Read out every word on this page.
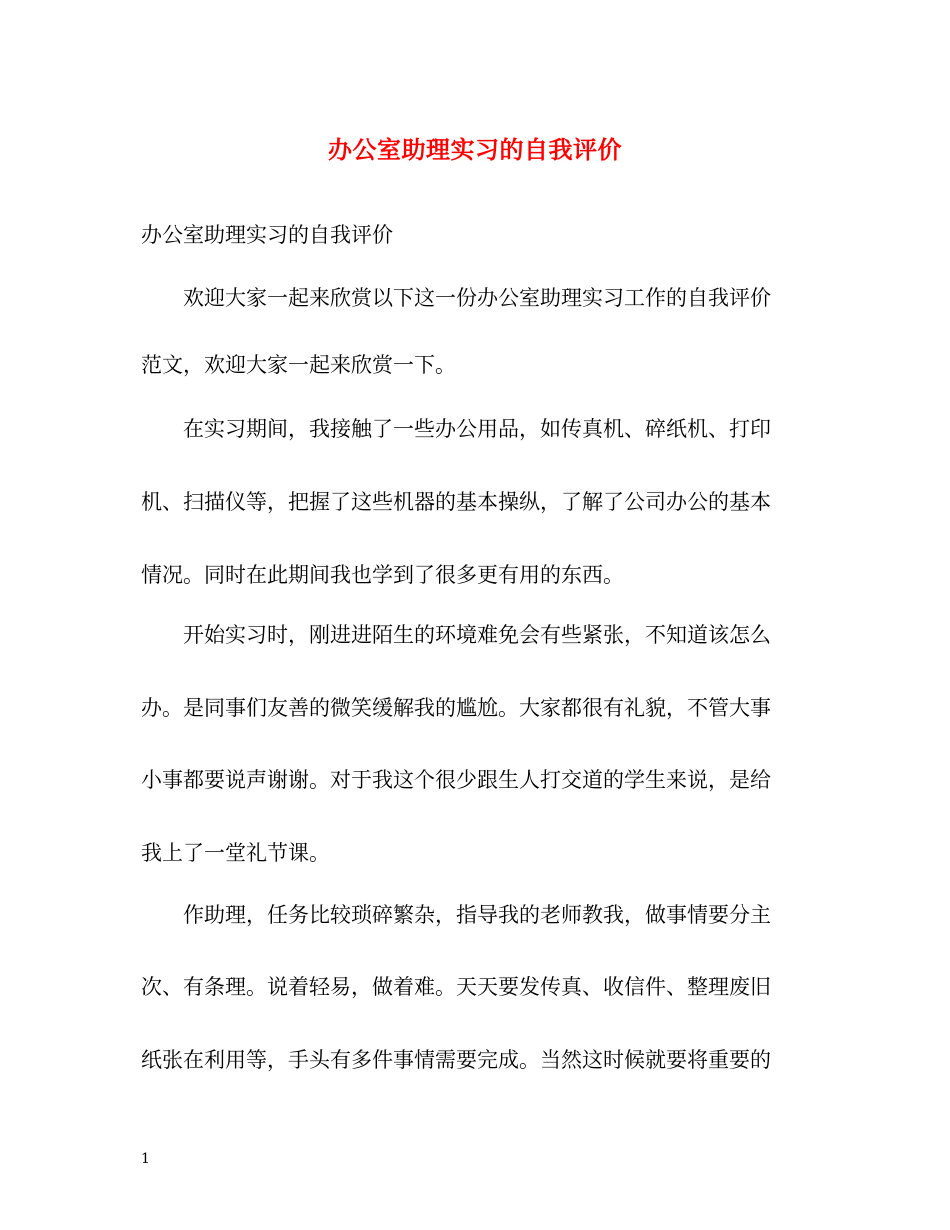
办公室助理实习的自我评价
办公室助理实习的自我评价
欢迎大家一起来欣赏以下这一份办公室助理实习工作的自我评价
范文，欢迎大家一起来欣赏一下。
在实习期间，我接触了一些办公用品，如传真机、碎纸机、打印
机、扫描仪等，把握了这些机器的基本操纵，了解了公司办公的基本
情况。同时在此期间我也学到了很多更有用的东西。
开始实习时，刚进进陌生的环境难免会有些紧张，不知道该怎么
办。是同事们友善的微笑缓解我的尴尬。大家都很有礼貌，不管大事
小事都要说声谢谢。对于我这个很少跟生人打交道的学生来说，是给
我上了一堂礼节课。
作助理，任务比较琐碎繁杂，指导我的老师教我，做事情要分主
次、有条理。说着轻易，做着难。天天要发传真、收信件、整理废旧
纸张在利用等，手头有多件事情需要完成。当然这时候就要将重要的
1
